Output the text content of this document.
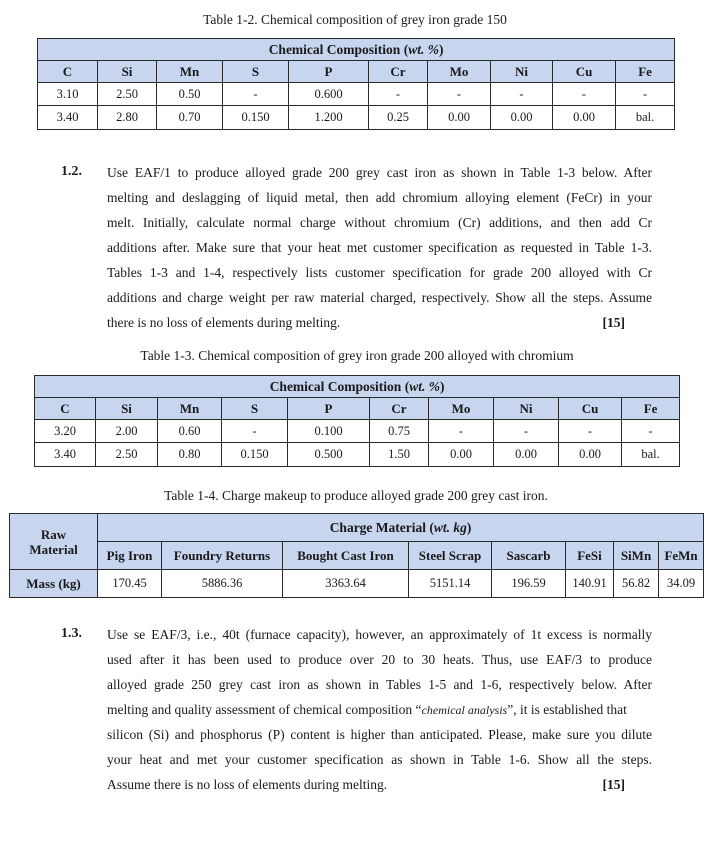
Table 1-2. Chemical composition of grey iron grade 150
Chemical Composition (wt. %)									
C	Si	Mn	S	P	Cr	Mo	Ni	Cu	Fe
3.10	2.50	0.50	-	0.600	-	-	-	-	-
3.40	2.80	0.70	0.150	1.200	0.25	0.00	0.00	0.00	bal.
1.2. Use EAF/1 to produce alloyed grade 200 grey cast iron as shown in Table 1-3 below. After
melting and deslagging of liquid metal, then add chromium alloying element (FeCr) in your
melt. Initially, calculate normal charge without chromium (Cr) additions, and then add Cr
additions after. Make sure that your heat met customer specification as requested in Table 1-3.
Tables 1-3 and 1-4, respectively lists customer specification for grade 200 alloyed with Cr
additions and charge weight per raw material charged, respectively. Show all the steps. Assume
there is no loss of elements during melting.	[15]
Table 1-3. Chemical composition of grey iron grade 200 alloyed with chromium
Chemical Composition (wt. %)									
C	Si	Mn	S	P	Cr	Mo	Ni	Cu	Fe
3.20	2.00	0.60	-	0.100	0.75	-	-	-	-
3.40	2.50	0.80	0.150	0.500	1.50	0.00	0.00	0.00	bal.
Table 1-4. Charge makeup to produce alloyed grade 200 grey cast iron.
Raw
Material	Charge Material (wt. kg)							
	Pig Iron	Foundry Returns	Bought Cast Iron	Steel Scrap	Sascarb	FeSi	SiMn	FeMn
Mass (kg)	170.45	5886.36	3363.64	5151.14	196.59	140.91	56.82	34.09
1.3. Use se EAF/3, i.e., 40t (furnace capacity), however, an approximately of 1t excess is normally
used after it has been used to produce over 20 to 30 heats. Thus, use EAF/3 to produce
alloyed grade 250 grey cast iron as shown in Tables 1-5 and 1-6, respectively below. After
melting and quality assessment of chemical composition “chemical analysis”, it is established that
silicon (Si) and phosphorus (P) content is higher than anticipated. Please, make sure you dilute
your heat and met your customer specification as shown in Table 1-6. Show all the steps.
Assume there is no loss of elements during melting.	[15]
